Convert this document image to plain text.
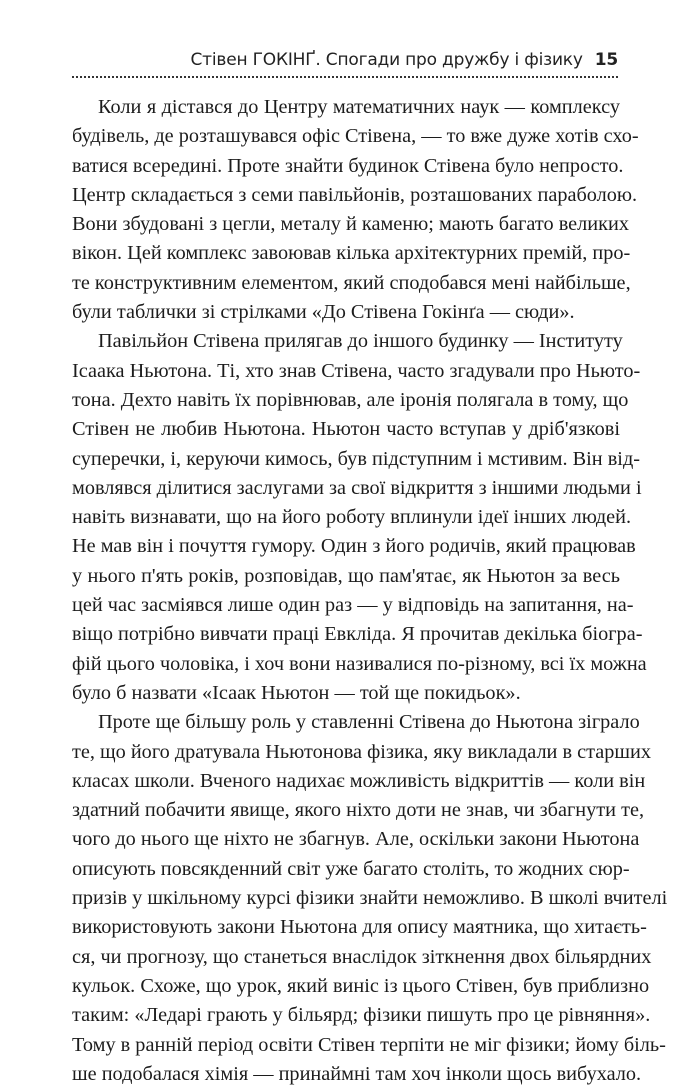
Стівен ГОКІНҐ. Спогади про дружбу і фізику 15
Коли я дістався до Центру математичних наук — комплексу
будівель, де розташувався офіс Стівена, — то вже дуже хотів схо-
ватися всередині. Проте знайти будинок Стівена було непросто.
Центр складається з семи павільйонів, розташованих параболою.
Вони збудовані з цегли, металу й каменю; мають багато великих
вікон. Цей комплекс завоював кілька архітектурних премій, про-
те конструктивним елементом, який сподобався мені найбільше,
були таблички зі стрілками «До Стівена Гокінґа — сюди».
Павільйон Стівена прилягав до іншого будинку — Інституту
Ісаака Ньютона. Ті, хто знав Стівена, часто згадували про Ньюто-
тона. Дехто навіть їх порівнював, але іронія полягала в тому, що
Стівен не любив Ньютона. Ньютон часто вступав у дріб'язкові
суперечки, і, керуючи кимось, був підступним і мстивим. Він від-
мовлявся ділитися заслугами за свої відкриття з іншими людьми і
навіть визнавати, що на його роботу вплинули ідеї інших людей.
Не мав він і почуття гумору. Один з його родичів, який працював
у нього п'ять років, розповідав, що пам'ятає, як Ньютон за весь
цей час засміявся лише один раз — у відповідь на запитання, на-
віщо потрібно вивчати праці Евкліда. Я прочитав декілька біогра-
фій цього чоловіка, і хоч вони називалися по-різному, всі їх можна
було б назвати «Ісаак Ньютон — той ще покидьок».
Проте ще більшу роль у ставленні Стівена до Ньютона зіграло
те, що його дратувала Ньютонова фізика, яку викладали в старших
класах школи. Вченого надихає можливість відкриттів — коли він
здатний побачити явище, якого ніхто доти не знав, чи збагнути те,
чого до нього ще ніхто не збагнув. Але, оскільки закони Ньютона
описують повсякденний світ уже багато століть, то жодних сюр-
призів у шкільному курсі фізики знайти неможливо. В школі вчителі
використовують закони Ньютона для опису маятника, що хитаєть-
ся, чи прогнозу, що станеться внаслідок зіткнення двох більярдних
кульок. Схоже, що урок, який виніс із цього Стівен, був приблизно
таким: «Ледарі грають у більярд; фізики пишуть про це рівняння».
Тому в ранній період освіти Стівен терпіти не міг фізики; йому біль-
ше подобалася хімія — принаймні там хоч інколи щось вибухало.
